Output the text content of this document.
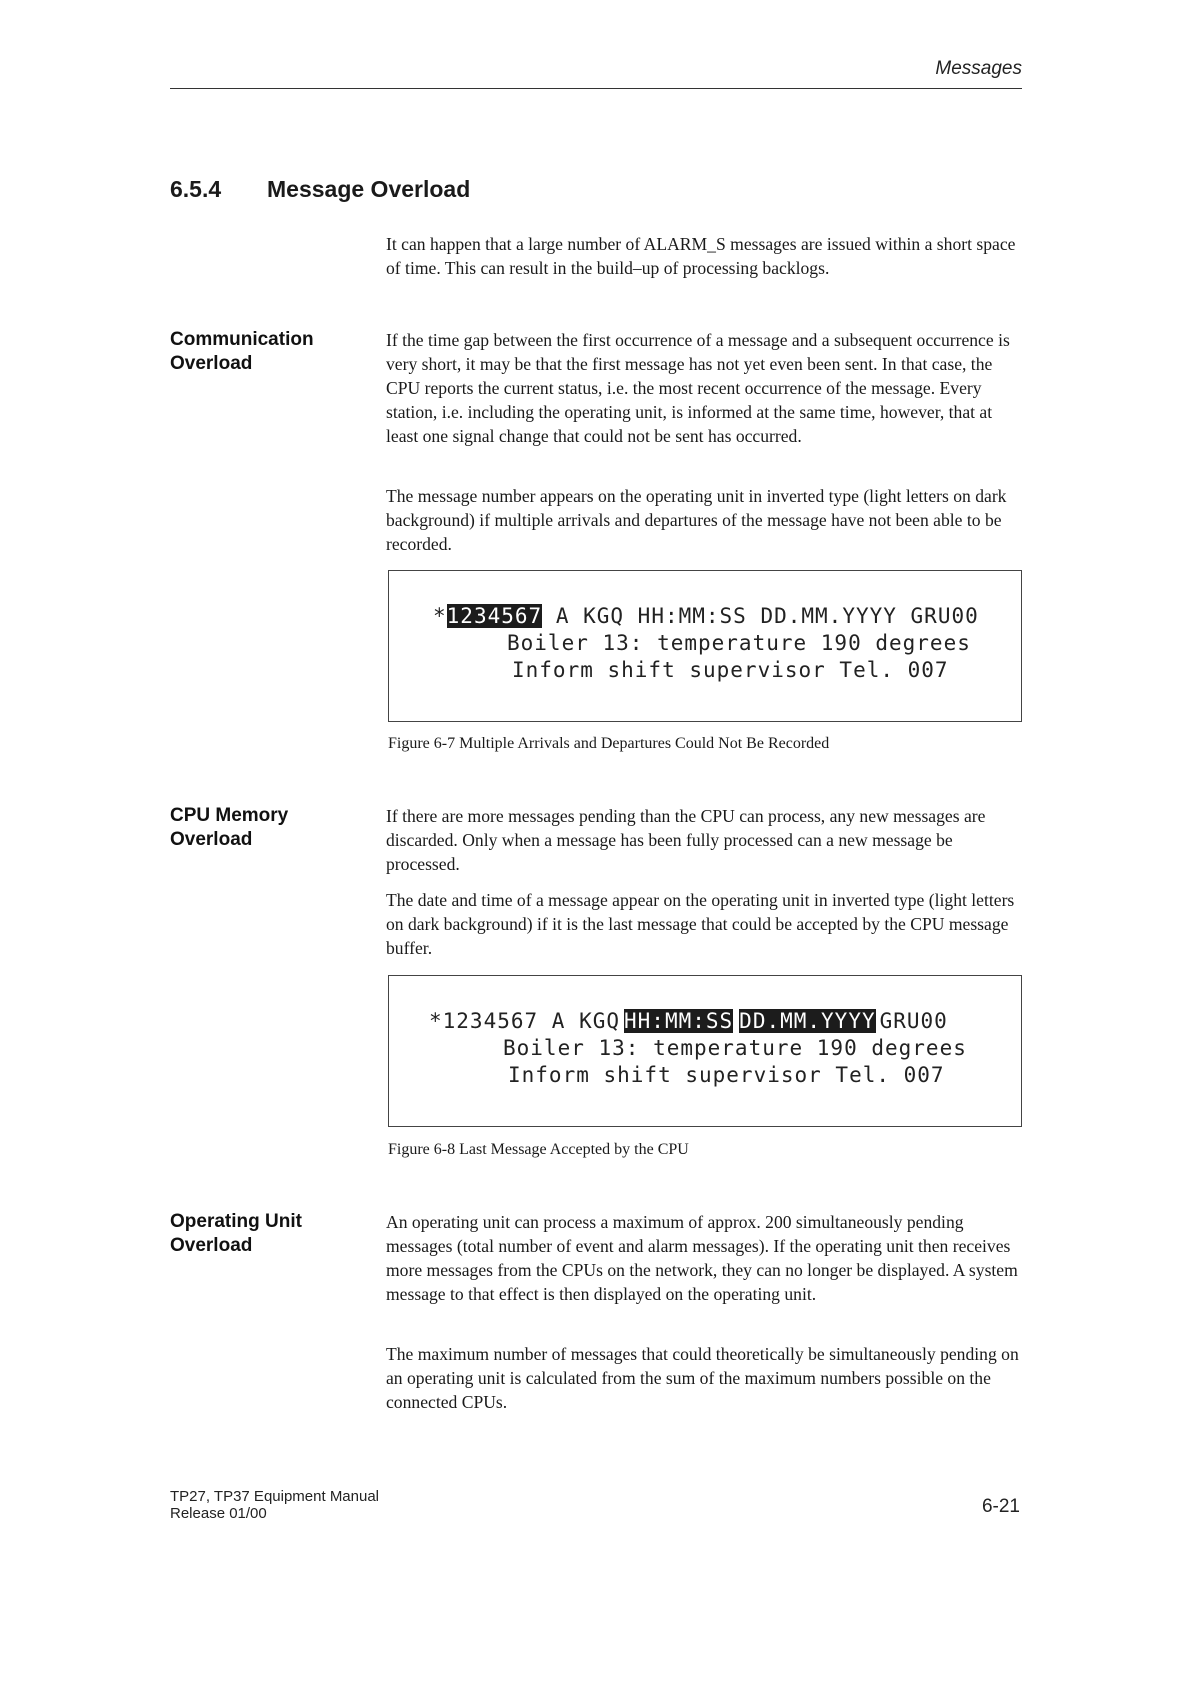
Messages
6.5.4 Message Overload

It can happen that a large number of ALARM_S messages are issued within a short space of time. This can result in the build–up of processing backlogs.

Communication
Overload

If the time gap between the first occurrence of a message and a subsequent occurrence is very short, it may be that the first message has not yet even been sent. In that case, the CPU reports the current status, i.e. the most recent occurrence of the message. Every station, i.e. including the operating unit, is informed at the same time, however, that at least one signal change that could not be sent has occurred.

The message number appears on the operating unit in inverted type (light letters on dark background) if multiple arrivals and departures of the message have not been able to be recorded.

*1234567 A KGQ HH:MM:SS DD.MM.YYYY GRU00
Boiler 13: temperature 190 degrees
Inform shift supervisor Tel. 007
Figure 6-7 Multiple Arrivals and Departures Could Not Be Recorded
CPU Memory
Overload

If there are more messages pending than the CPU can process, any new messages are discarded. Only when a message has been fully processed can a new message be processed.

The date and time of a message appear on the operating unit in inverted type (light letters on dark background) if it is the last message that could be accepted by the CPU message buffer.

*1234567 A KGQ HH:MM:SS DD.MM.YYYY GRU00
Boiler 13: temperature 190 degrees
Inform shift supervisor Tel. 007
Figure 6-8 Last Message Accepted by the CPU
Operating Unit
Overload

An operating unit can process a maximum of approx. 200 simultaneously pending messages (total number of event and alarm messages). If the operating unit then receives more messages from the CPUs on the network, they can no longer be displayed. A system message to that effect is then displayed on the operating unit.

The maximum number of messages that could theoretically be simultaneously pending on an operating unit is calculated from the sum of the maximum numbers possible on the connected CPUs.

TP27, TP37 Equipment Manual
Release 01/00	6-21
